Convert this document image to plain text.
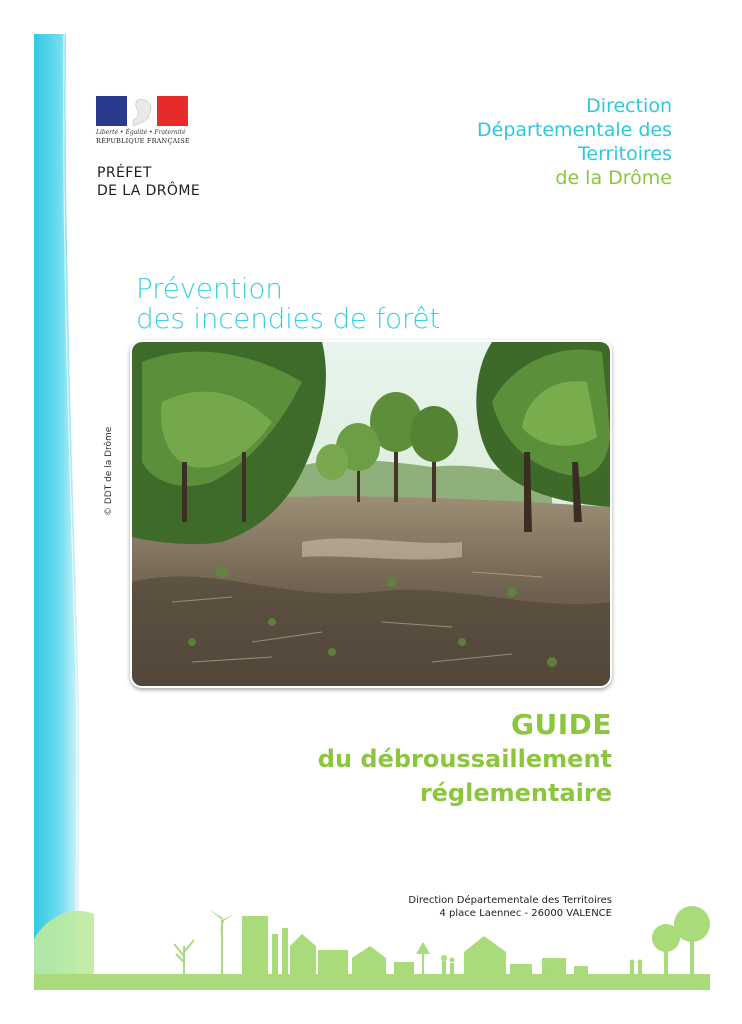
Liberté • Égalité • Fraternité
RÉPUBLIQUE FRANÇAISE
PRÉFET
DE LA DRÔME
Direction
Départementale des
Territoires
de la Drôme
Prévention
des incendies de forêt
© DDT de la Drôme
GUIDE
du débroussaillement
réglementaire
Direction Départementale des Territoires
4 place Laennec - 26000 VALENCE
